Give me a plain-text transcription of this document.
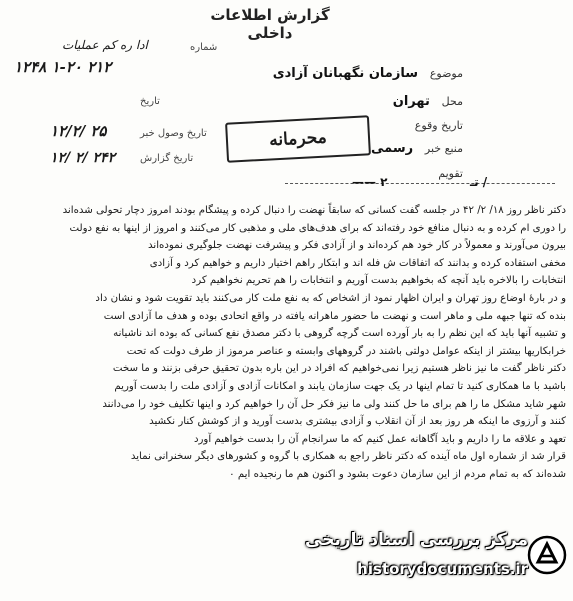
گزارش اطلاعات داخلی
موضوع سازمان نگهبانان آزادی
محل تهران
تاریخ وقوع
منبع خبر رسمی
تقویم
شماره
ادا ره کم عملیات
۱۲۴۸ ۱-۲۰ ۲۱۲
تاریخ
تاریخ وصول خبر
۱۲/۲/ ۲۵
تاریخ گزارش
۱۲/ ۲/ ۲۴۲
محرمانه
—— ۲	تـ /
دکتر ناظر روز ۱۸/ ۲/ ۴۲ در جلسه گفت کسانی که سابقاً نهضت را دنبال کرده و پیشگام بودند امروز دچار تحولی شده‌اند
را دوری ام کرده و به دنبال منافع خود رفته‌اند که برای هدف‌های ملی و مذهبی کار می‌کنند و امروز از اینها به نفع دولت
بیرون می‌آورند و معمولاً در کار خود هم کرده‌اند و از آزادی فکر و پیشرفت نهضت جلوگیری نموده‌اند
مخفی استفاده کرده و بدانند که اتفاقات ش فله اند و ابتکار راهم اختیار داریم و خواهیم کرد و آزادی
انتخابات را بالاخره باید آنچه که بخواهیم بدست آوریم و انتخابات را هم تحریم نخواهیم کرد
و در بارۀ اوضاع روز تهران و ایران اظهار نمود از اشخاص که به نفع ملت کار می‌کنند باید تقویت شود و نشان داد
بنده که تنها جبهه ملی و ماهر است و نهضت ما حضور ماهرانه یافته در واقع اتحادی بوده و هدف ما آزادی است
و تشبیه آنها باید که این نظم را به بار آورده است گرچه گروهی با دکتر مصدق نفع کسانی که بوده اند ناشیانه
خرابکاریها بیشتر از اینکه عوامل دولتی باشند در گروههای وابسته و عناصر مرموز از طرف دولت که تحت
دکتر ناظر گفت ما نیز ناظر هستیم زیرا نمی‌خواهیم که افراد در این باره بدون تحقیق حرفی بزنند و ما سخت
باشید با ما همکاری کنید تا تمام اینها در یک جهت سازمان یابند و امکانات آزادی و آزادی ملت را بدست آوریم
شهر شاید مشکل ما را هم برای ما حل کنند ولی ما نیز فکر حل آن را خواهیم کرد و اینها تکلیف خود را می‌دانند
کنند و آرزوی ما اینکه هر روز بعد از آن انقلاب و آزادی بیشتری بدست آورید و از کوشش کنار نکشید
تعهد و علاقه ما را داریم و باید آگاهانه عمل کنیم که ما سرانجام آن را بدست خواهیم آورد
قرار شد از شماره اول ماه آینده که دکتر ناظر راجع به همکاری با گروه و کشورهای دیگر سخنرانی نماید
شده‌اند که به تمام مردم از این سازمان دعوت بشود و اکنون هم ما رنجیده ایم ۰
مرکز بررسی اسناد تاریخی
historydocuments.ir
